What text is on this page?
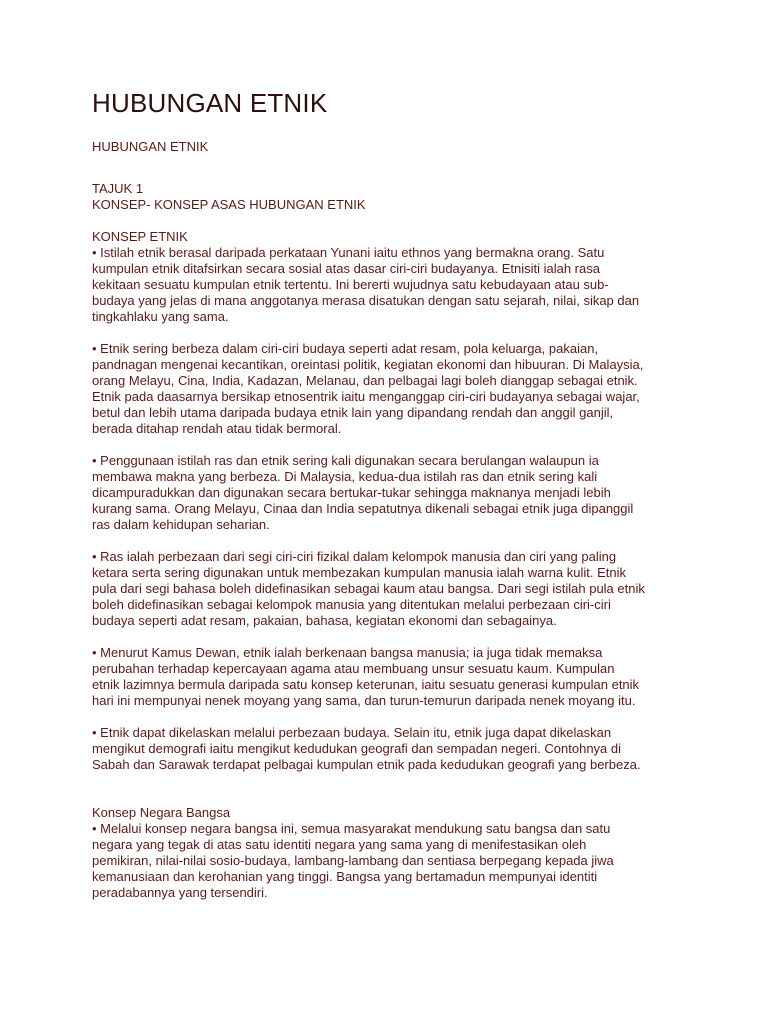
HUBUNGAN ETNIK

HUBUNGAN ETNIK

TAJUK 1

KONSEP- KONSEP ASAS HUBUNGAN ETNIK

KONSEP ETNIK

• Istilah etnik berasal daripada perkataan Yunani iaitu ethnos yang bermakna orang. Satu
kumpulan etnik ditafsirkan secara sosial atas dasar ciri-ciri budayanya. Etnisiti ialah rasa
kekitaan sesuatu kumpulan etnik tertentu. Ini bererti wujudnya satu kebudayaan atau sub-
budaya yang jelas di mana anggotanya merasa disatukan dengan satu sejarah, nilai, sikap dan
tingkahlaku yang sama.

• Etnik sering berbeza dalam ciri-ciri budaya seperti adat resam, pola keluarga, pakaian,
pandnagan mengenai kecantikan, oreintasi politik, kegiatan ekonomi dan hibuuran. Di Malaysia,
orang Melayu, Cina, India, Kadazan, Melanau, dan pelbagai lagi boleh dianggap sebagai etnik.
Etnik pada daasarnya bersikap etnosentrik iaitu menganggap ciri-ciri budayanya sebagai wajar,
betul dan lebih utama daripada budaya etnik lain yang dipandang rendah dan anggil ganjil,
berada ditahap rendah atau tidak bermoral.

• Penggunaan istilah ras dan etnik sering kali digunakan secara berulangan walaupun ia
membawa makna yang berbeza. Di Malaysia, kedua-dua istilah ras dan etnik sering kali
dicampuradukkan dan digunakan secara bertukar-tukar sehingga maknanya menjadi lebih
kurang sama. Orang Melayu, Cinaa dan India sepatutnya dikenali sebagai etnik juga dipanggil
ras dalam kehidupan seharian.

• Ras ialah perbezaan dari segi ciri-ciri fizikal dalam kelompok manusia dan ciri yang paling
ketara serta sering digunakan untuk membezakan kumpulan manusia ialah warna kulit. Etnik
pula dari segi bahasa boleh didefinasikan sebagai kaum atau bangsa. Dari segi istilah pula etnik
boleh didefinasikan sebagai kelompok manusia yang ditentukan melalui perbezaan ciri-ciri
budaya seperti adat resam, pakaian, bahasa, kegiatan ekonomi dan sebagainya.

• Menurut Kamus Dewan, etnik ialah berkenaan bangsa manusia; ia juga tidak memaksa
perubahan terhadap kepercayaan agama atau membuang unsur sesuatu kaum. Kumpulan
etnik lazimnya bermula daripada satu konsep keterunan, iaitu sesuatu generasi kumpulan etnik
hari ini mempunyai nenek moyang yang sama, dan turun-temurun daripada nenek moyang itu.

• Etnik dapat dikelaskan melalui perbezaan budaya. Selain itu, etnik juga dapat dikelaskan
mengikut demografi iaitu mengikut kedudukan geografi dan sempadan negeri. Contohnya di
Sabah dan Sarawak terdapat pelbagai kumpulan etnik pada kedudukan geografi yang berbeza.

Konsep Negara Bangsa

• Melalui konsep negara bangsa ini, semua masyarakat mendukung satu bangsa dan satu
negara yang tegak di atas satu identiti negara yang sama yang di menifestasikan oleh
pemikiran, nilai-nilai sosio-budaya, lambang-lambang dan sentiasa berpegang kepada jiwa
kemanusiaan dan kerohanian yang tinggi. Bangsa yang bertamadun mempunyai identiti
peradabannya yang tersendiri.
